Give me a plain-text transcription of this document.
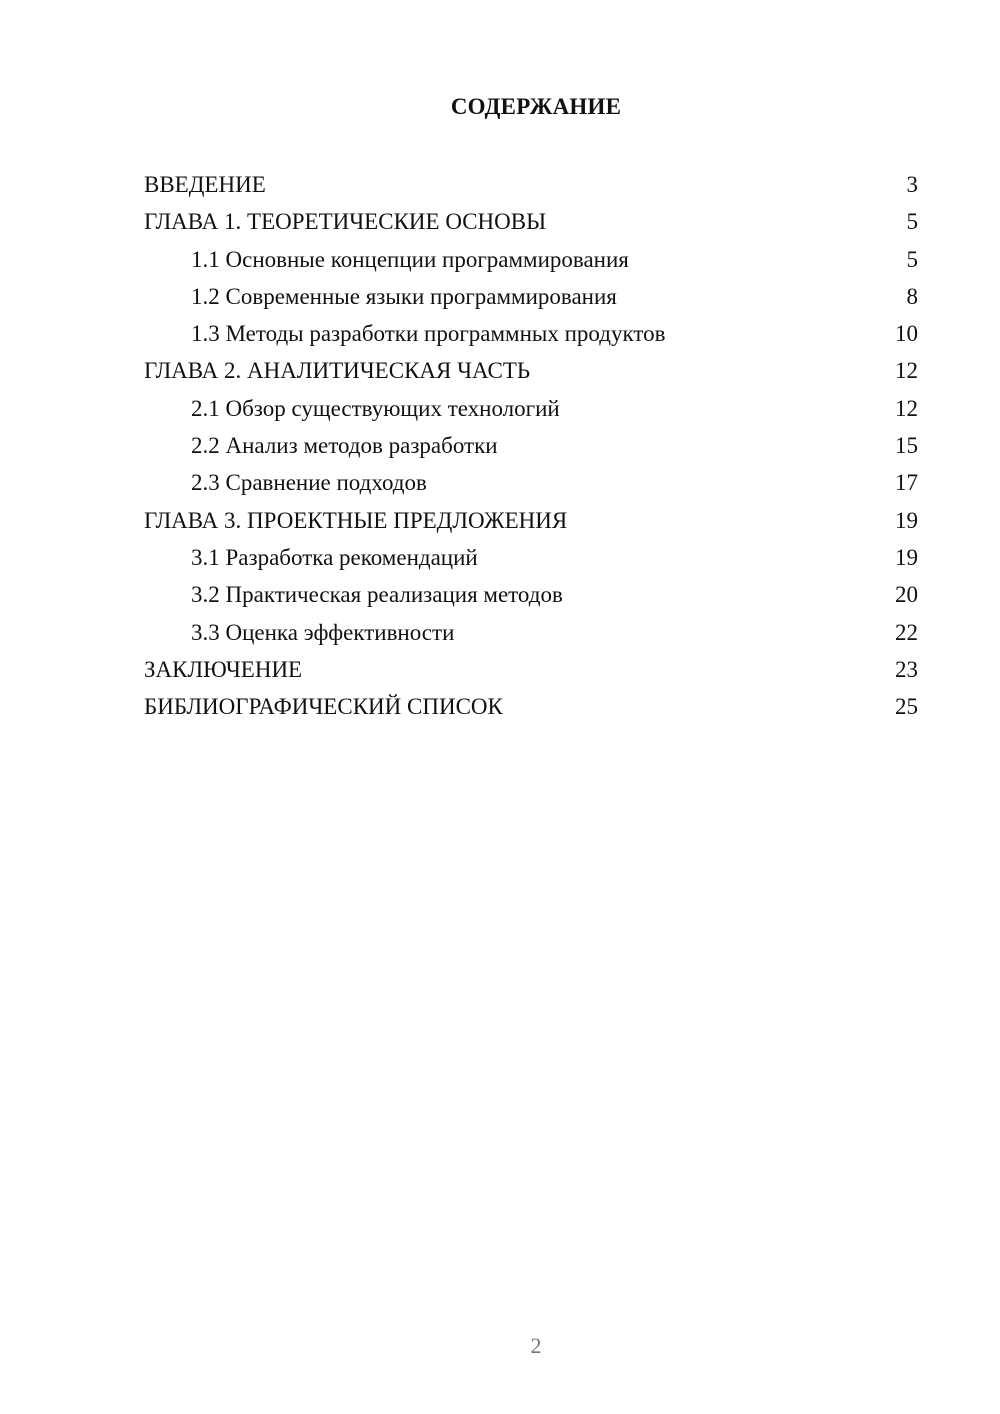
СОДЕРЖАНИЕ
ВВЕДЕНИЕ	3
ГЛАВА 1. ТЕОРЕТИЧЕСКИЕ ОСНОВЫ	5
1.1 Основные концепции программирования	5
1.2 Современные языки программирования	8
1.3 Методы разработки программных продуктов	10
ГЛАВА 2. АНАЛИТИЧЕСКАЯ ЧАСТЬ	12
2.1 Обзор существующих технологий	12
2.2 Анализ методов разработки	15
2.3 Сравнение подходов	17
ГЛАВА 3. ПРОЕКТНЫЕ ПРЕДЛОЖЕНИЯ	19
3.1 Разработка рекомендаций	19
3.2 Практическая реализация методов	20
3.3 Оценка эффективности	22
ЗАКЛЮЧЕНИЕ	23
БИБЛИОГРАФИЧЕСКИЙ СПИСОК	25
2
